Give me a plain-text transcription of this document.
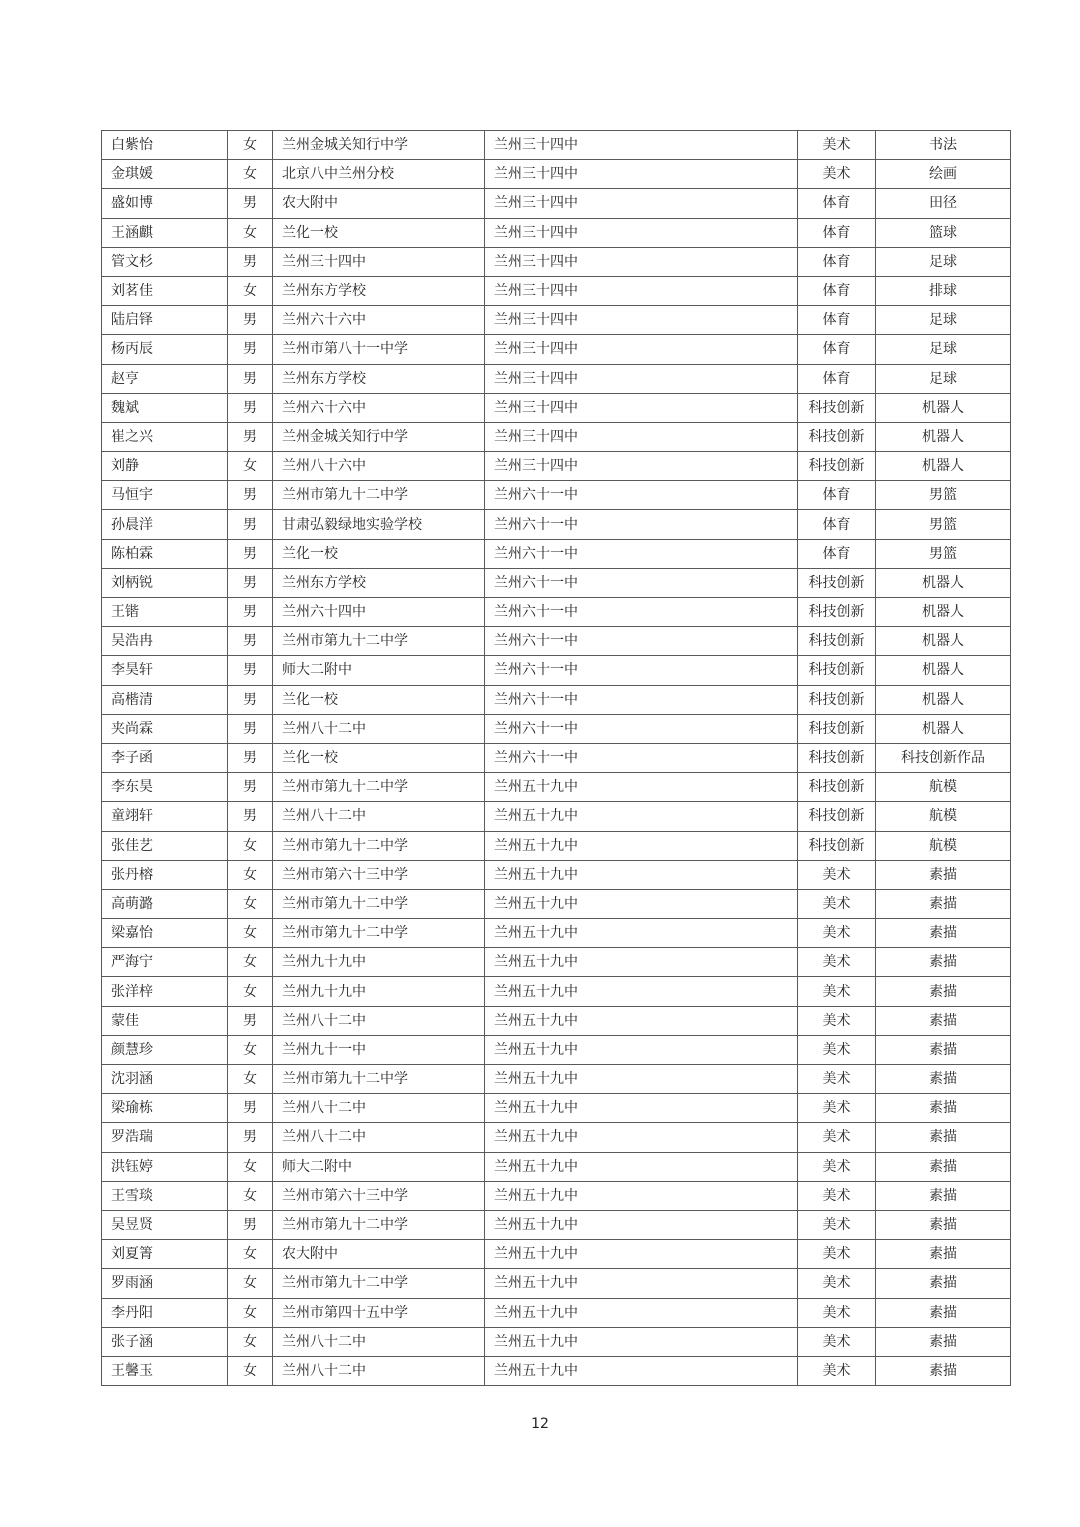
白紫怡	女	兰州金城关知行中学	兰州三十四中	美术	书法
金琪媛	女	北京八中兰州分校	兰州三十四中	美术	绘画
盛如博	男	农大附中	兰州三十四中	体育	田径
王涵麒	女	兰化一校	兰州三十四中	体育	篮球
管文杉	男	兰州三十四中	兰州三十四中	体育	足球
刘茗佳	女	兰州东方学校	兰州三十四中	体育	排球
陆启铎	男	兰州六十六中	兰州三十四中	体育	足球
杨丙辰	男	兰州市第八十一中学	兰州三十四中	体育	足球
赵亨	男	兰州东方学校	兰州三十四中	体育	足球
魏斌	男	兰州六十六中	兰州三十四中	科技创新	机器人
崔之兴	男	兰州金城关知行中学	兰州三十四中	科技创新	机器人
刘静	女	兰州八十六中	兰州三十四中	科技创新	机器人
马恒宇	男	兰州市第九十二中学	兰州六十一中	体育	男篮
孙晨洋	男	甘肃弘毅绿地实验学校	兰州六十一中	体育	男篮
陈柏霖	男	兰化一校	兰州六十一中	体育	男篮
刘柄锐	男	兰州东方学校	兰州六十一中	科技创新	机器人
王锴	男	兰州六十四中	兰州六十一中	科技创新	机器人
吴浩冉	男	兰州市第九十二中学	兰州六十一中	科技创新	机器人
李昊轩	男	师大二附中	兰州六十一中	科技创新	机器人
高楷清	男	兰化一校	兰州六十一中	科技创新	机器人
夹尚霖	男	兰州八十二中	兰州六十一中	科技创新	机器人
李子函	男	兰化一校	兰州六十一中	科技创新	科技创新作品
李东昊	男	兰州市第九十二中学	兰州五十九中	科技创新	航模
童翊轩	男	兰州八十二中	兰州五十九中	科技创新	航模
张佳艺	女	兰州市第九十二中学	兰州五十九中	科技创新	航模
张丹榕	女	兰州市第六十三中学	兰州五十九中	美术	素描
高萌潞	女	兰州市第九十二中学	兰州五十九中	美术	素描
梁嘉怡	女	兰州市第九十二中学	兰州五十九中	美术	素描
严海宁	女	兰州九十九中	兰州五十九中	美术	素描
张洋梓	女	兰州九十九中	兰州五十九中	美术	素描
蒙佳	男	兰州八十二中	兰州五十九中	美术	素描
颜慧珍	女	兰州九十一中	兰州五十九中	美术	素描
沈羽涵	女	兰州市第九十二中学	兰州五十九中	美术	素描
梁瑜栋	男	兰州八十二中	兰州五十九中	美术	素描
罗浩瑞	男	兰州八十二中	兰州五十九中	美术	素描
洪钰婷	女	师大二附中	兰州五十九中	美术	素描
王雪琰	女	兰州市第六十三中学	兰州五十九中	美术	素描
吴昱贤	男	兰州市第九十二中学	兰州五十九中	美术	素描
刘夏箐	女	农大附中	兰州五十九中	美术	素描
罗雨涵	女	兰州市第九十二中学	兰州五十九中	美术	素描
李丹阳	女	兰州市第四十五中学	兰州五十九中	美术	素描
张子涵	女	兰州八十二中	兰州五十九中	美术	素描
王馨玉	女	兰州八十二中	兰州五十九中	美术	素描
12
